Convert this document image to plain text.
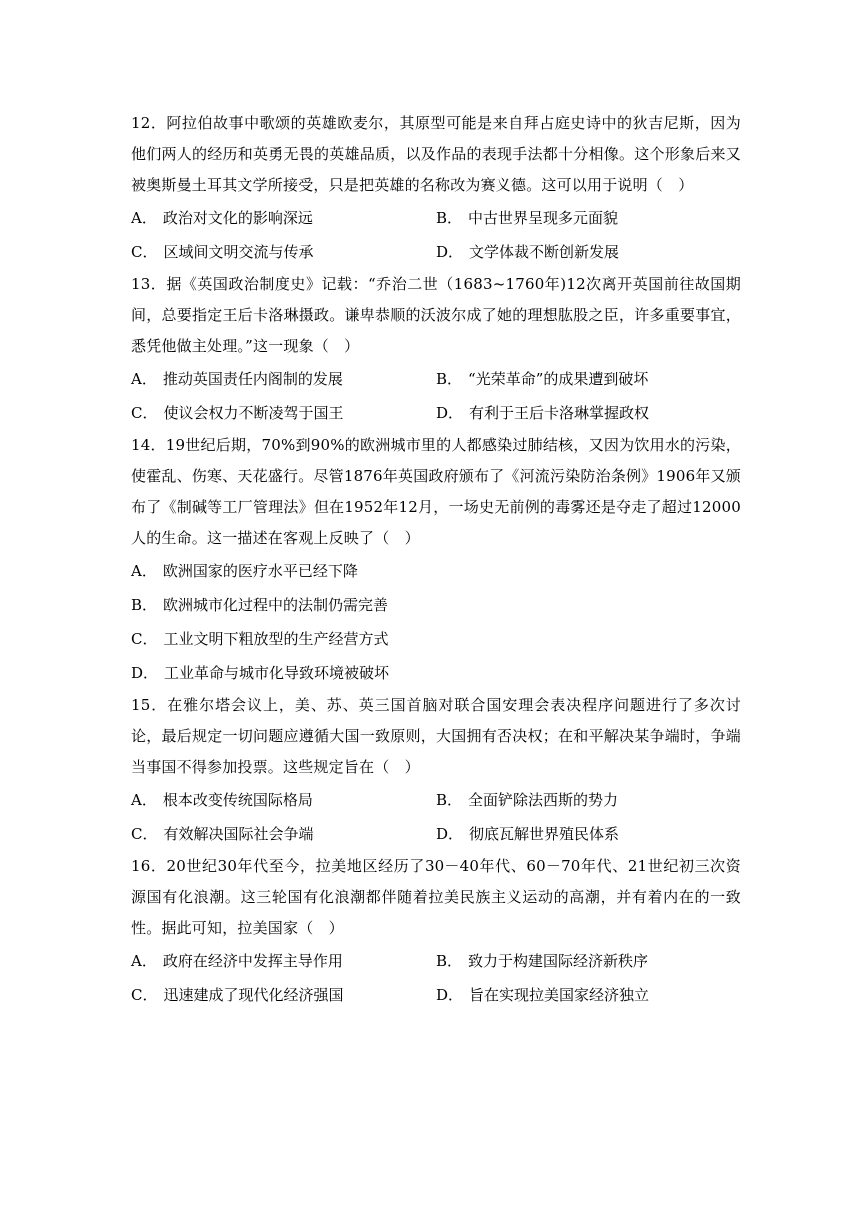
12．阿拉伯故事中歌颂的英雄欧麦尔，其原型可能是来自拜占庭史诗中的狄吉尼斯，因为他们两人的经历和英勇无畏的英雄品质，以及作品的表现手法都十分相像。这个形象后来又被奥斯曼土耳其文学所接受，只是把英雄的名称改为赛义德。这可以用于说明（　）

A． 政治对文化的影响深远	B． 中古世界呈现多元面貌
C． 区域间文明交流与传承	D． 文学体裁不断创新发展

13．据《英国政治制度史》记载：“乔治二世（1683~1760年)12次离开英国前往故国期间，总要指定王后卡洛琳摄政。谦卑恭顺的沃波尔成了她的理想肱股之臣，许多重要事宜，悉凭他做主处理。”这一现象（　）

A． 推动英国责任内阁制的发展	B． “光荣革命”的成果遭到破坏
C． 使议会权力不断凌驾于国王	D． 有利于王后卡洛琳掌握政权

14．19世纪后期，70%到90%的欧洲城市里的人都感染过肺结核，又因为饮用水的污染，使霍乱、伤寒、天花盛行。尽管1876年英国政府颁布了《河流污染防治条例》1906年又颁布了《制碱等工厂管理法》但在1952年12月，一场史无前例的毒雾还是夺走了超过12000人的生命。这一描述在客观上反映了（　）

A． 欧洲国家的医疗水平已经下降
B． 欧洲城市化过程中的法制仍需完善
C． 工业文明下粗放型的生产经营方式
D． 工业革命与城市化导致环境被破坏

15．在雅尔塔会议上，美、苏、英三国首脑对联合国安理会表决程序问题进行了多次讨论，最后规定一切问题应遵循大国一致原则，大国拥有否决权；在和平解决某争端时，争端当事国不得参加投票。这些规定旨在（　）

A． 根本改变传统国际格局	B． 全面铲除法西斯的势力
C． 有效解决国际社会争端	D． 彻底瓦解世界殖民体系

16．20世纪30年代至今，拉美地区经历了30－40年代、60－70年代、21世纪初三次资源国有化浪潮。这三轮国有化浪潮都伴随着拉美民族主义运动的高潮，并有着内在的一致性。据此可知，拉美国家（　）

A． 政府在经济中发挥主导作用	B． 致力于构建国际经济新秩序
C． 迅速建成了现代化经济强国	D． 旨在实现拉美国家经济独立
